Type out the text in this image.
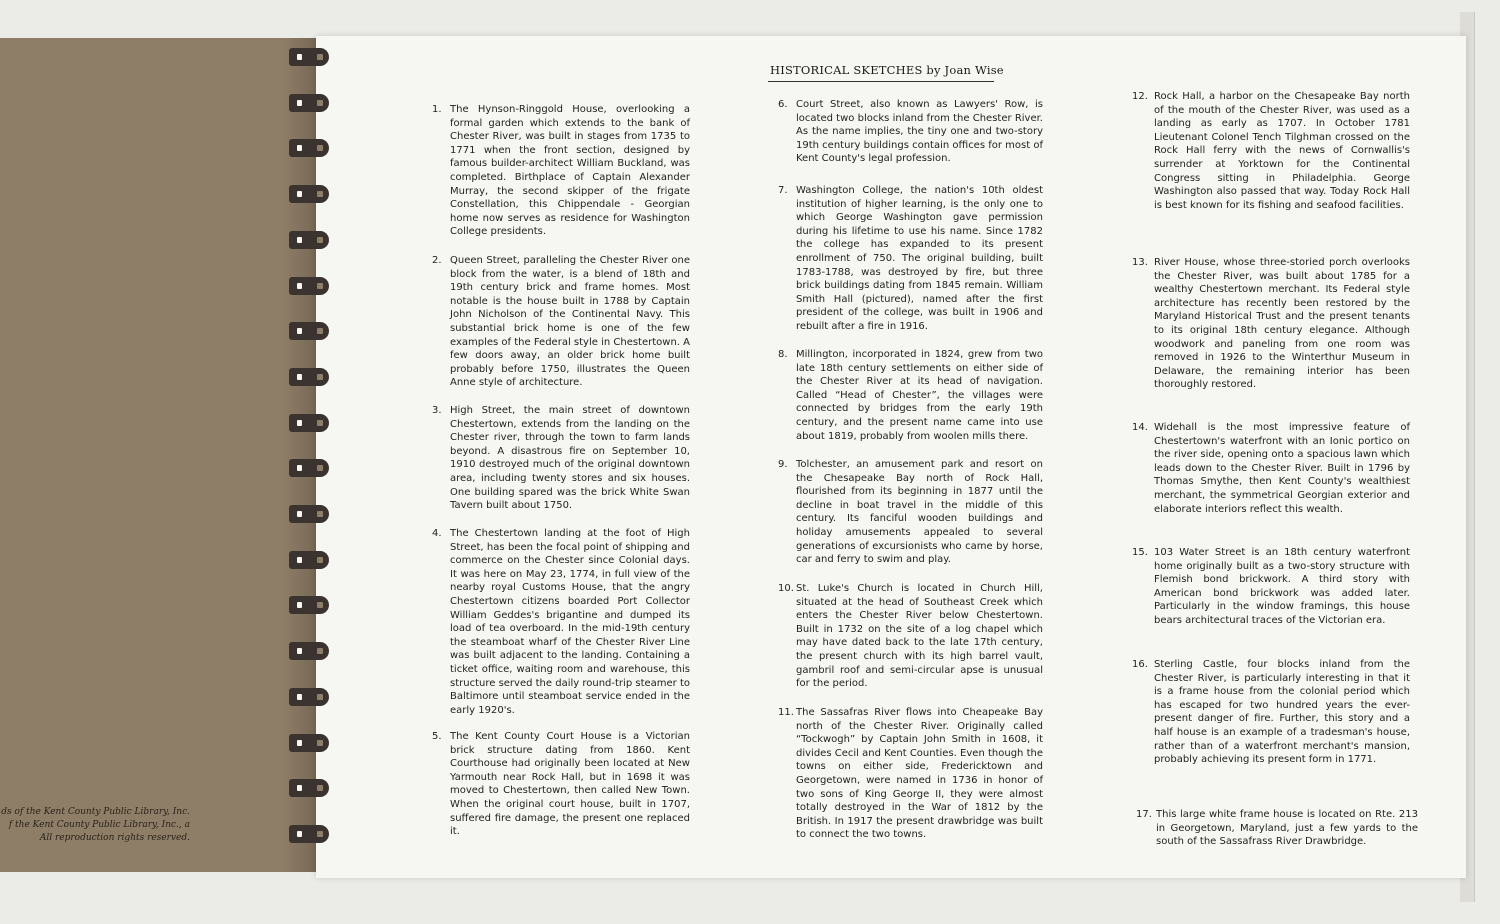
ds of the Kent County Public Library, Inc.
f the Kent County Public Library, Inc., a
All reproduction rights reserved.
HISTORICAL SKETCHES by Joan Wise
1. The Hynson-Ringgold House, overlooking a formal garden which extends to the bank of Chester River, was built in stages from 1735 to 1771 when the front section, designed by famous builder-architect William Buckland, was completed. Birthplace of Captain Alexander Murray, the second skipper of the frigate Constellation, this Chippendale - Georgian home now serves as residence for Washington College presidents.
2. Queen Street, paralleling the Chester River one block from the water, is a blend of 18th and 19th century brick and frame homes. Most notable is the house built in 1788 by Captain John Nicholson of the Continental Navy. This substantial brick home is one of the few examples of the Federal style in Chestertown. A few doors away, an older brick home built probably before 1750, illustrates the Queen Anne style of architecture.
3. High Street, the main street of downtown Chestertown, extends from the landing on the Chester river, through the town to farm lands beyond. A disastrous fire on September 10, 1910 destroyed much of the original downtown area, including twenty stores and six houses. One building spared was the brick White Swan Tavern built about 1750.
4. The Chestertown landing at the foot of High Street, has been the focal point of shipping and commerce on the Chester since Colonial days. It was here on May 23, 1774, in full view of the nearby royal Customs House, that the angry Chestertown citizens boarded Port Collector William Geddes's brigantine and dumped its load of tea overboard. In the mid-19th century the steamboat wharf of the Chester River Line was built adjacent to the landing. Containing a ticket office, waiting room and warehouse, this structure served the daily round-trip steamer to Baltimore until steamboat service ended in the early 1920's.
5. The Kent County Court House is a Victorian brick structure dating from 1860. Kent Courthouse had originally been located at New Yarmouth near Rock Hall, but in 1698 it was moved to Chestertown, then called New Town. When the original court house, built in 1707, suffered fire damage, the present one replaced it.
6. Court Street, also known as Lawyers' Row, is located two blocks inland from the Chester River. As the name implies, the tiny one and two-story 19th century buildings contain offices for most of Kent County's legal profession.
7. Washington College, the nation's 10th oldest institution of higher learning, is the only one to which George Washington gave permission during his lifetime to use his name. Since 1782 the college has expanded to its present enrollment of 750. The original building, built 1783-1788, was destroyed by fire, but three brick buildings dating from 1845 remain. William Smith Hall (pictured), named after the first president of the college, was built in 1906 and rebuilt after a fire in 1916.
8. Millington, incorporated in 1824, grew from two late 18th century settlements on either side of the Chester River at its head of navigation. Called “Head of Chester”, the villages were connected by bridges from the early 19th century, and the present name came into use about 1819, probably from woolen mills there.
9. Tolchester, an amusement park and resort on the Chesapeake Bay north of Rock Hall, flourished from its beginning in 1877 until the decline in boat travel in the middle of this century. Its fanciful wooden buildings and holiday amusements appealed to several generations of excursionists who came by horse, car and ferry to swim and play.
10. St. Luke's Church is located in Church Hill, situated at the head of Southeast Creek which enters the Chester River below Chestertown. Built in 1732 on the site of a log chapel which may have dated back to the late 17th century, the present church with its high barrel vault, gambril roof and semi-circular apse is unusual for the period.
11. The Sassafras River flows into Cheapeake Bay north of the Chester River. Originally called “Tockwogh” by Captain John Smith in 1608, it divides Cecil and Kent Counties. Even though the towns on either side, Fredericktown and Georgetown, were named in 1736 in honor of two sons of King George II, they were almost totally destroyed in the War of 1812 by the British. In 1917 the present drawbridge was built to connect the two towns.
12. Rock Hall, a harbor on the Chesapeake Bay north of the mouth of the Chester River, was used as a landing as early as 1707. In October 1781 Lieutenant Colonel Tench Tilghman crossed on the Rock Hall ferry with the news of Cornwallis's surrender at Yorktown for the Continental Congress sitting in Philadelphia. George Washington also passed that way. Today Rock Hall is best known for its fishing and seafood facilities.
13. River House, whose three-storied porch overlooks the Chester River, was built about 1785 for a wealthy Chestertown merchant. Its Federal style architecture has recently been restored by the Maryland Historical Trust and the present tenants to its original 18th century elegance. Although woodwork and paneling from one room was removed in 1926 to the Winterthur Museum in Delaware, the remaining interior has been thoroughly restored.
14. Widehall is the most impressive feature of Chestertown's waterfront with an Ionic portico on the river side, opening onto a spacious lawn which leads down to the Chester River. Built in 1796 by Thomas Smythe, then Kent County's wealthiest merchant, the symmetrical Georgian exterior and elaborate interiors reflect this wealth.
15. 103 Water Street is an 18th century waterfront home originally built as a two-story structure with Flemish bond brickwork. A third story with American bond brickwork was added later. Particularly in the window framings, this house bears architectural traces of the Victorian era.
16. Sterling Castle, four blocks inland from the Chester River, is particularly interesting in that it is a frame house from the colonial period which has escaped for two hundred years the ever-present danger of fire. Further, this story and a half house is an example of a tradesman's house, rather than of a waterfront merchant's mansion, probably achieving its present form in 1771.
17. This large white frame house is located on Rte. 213 in Georgetown, Maryland, just a few yards to the south of the Sassafrass River Drawbridge.
